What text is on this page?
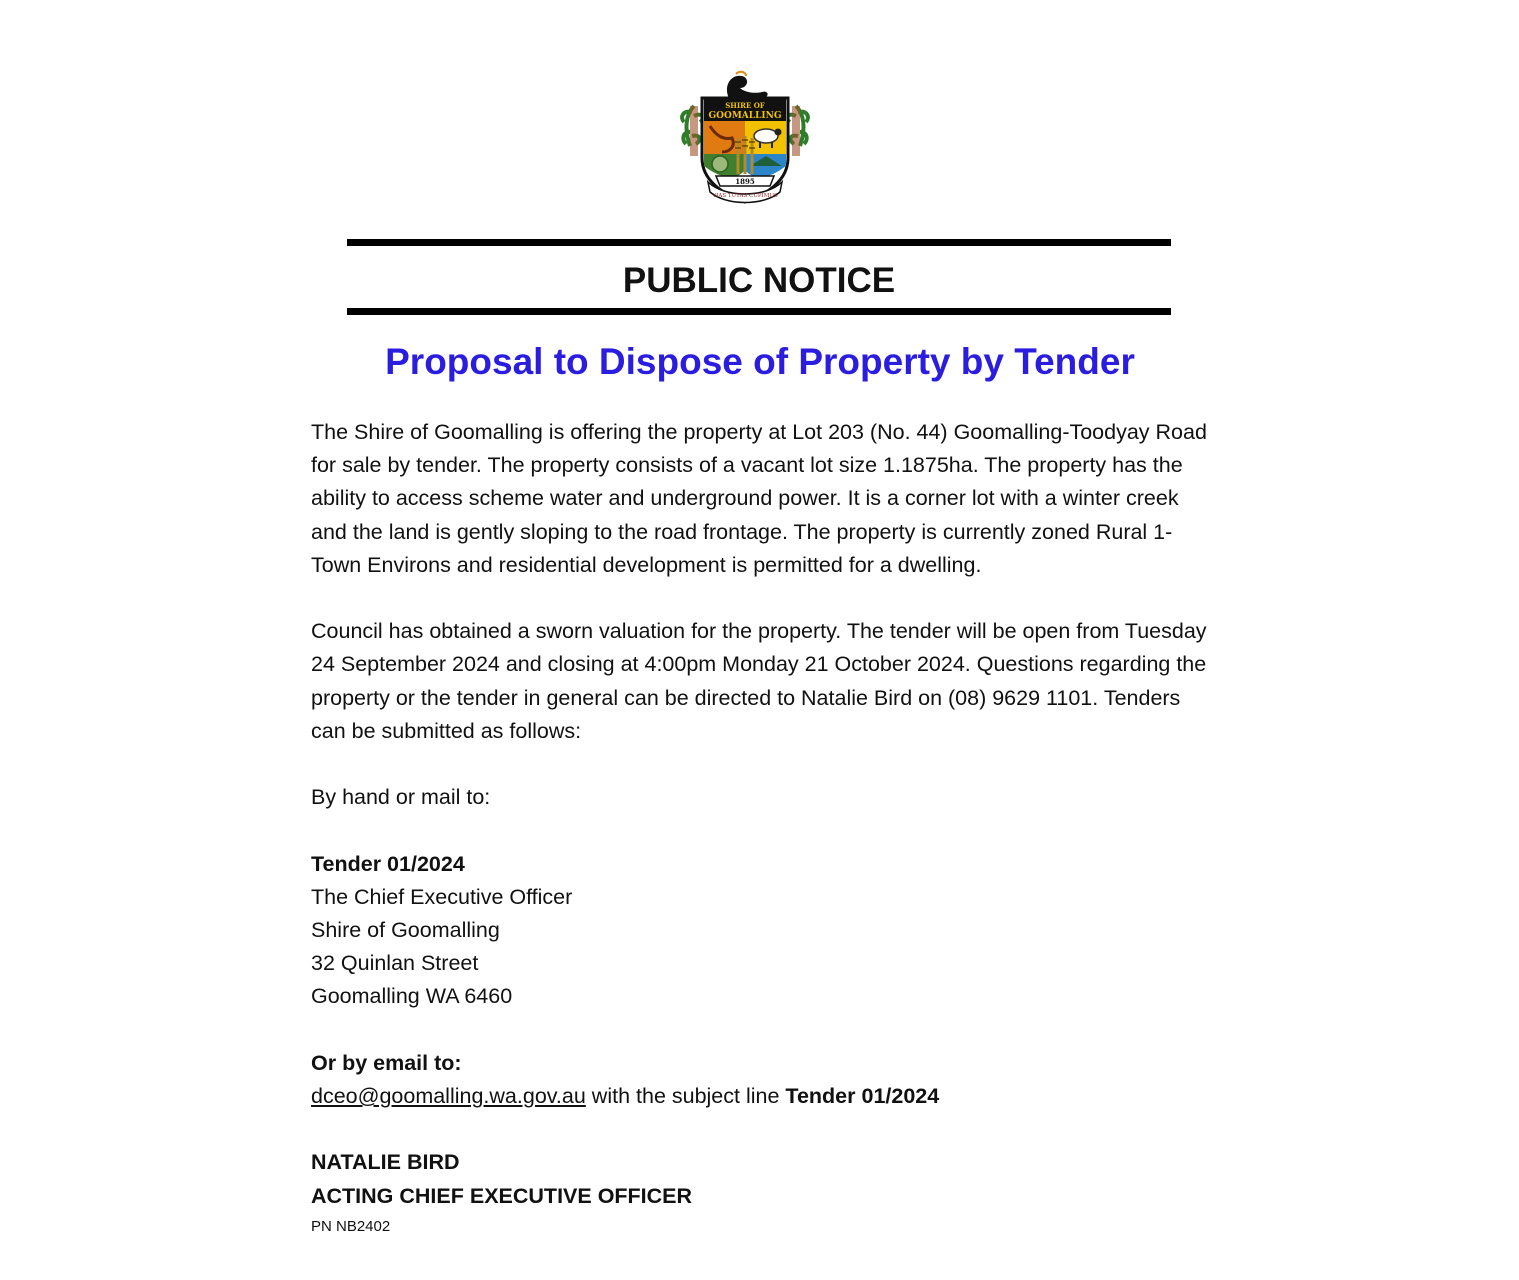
SHIRE OF
GOOMALLING
1895
VIAS TUTAS CUPIMUS
PUBLIC NOTICE
Proposal to Dispose of Property by Tender

The Shire of Goomalling is offering the property at Lot 203 (No. 44) Goomalling-Toodyay Road for sale by tender. The property consists of a vacant lot size 1.1875ha. The property has the ability to access scheme water and underground power. It is a corner lot with a winter creek and the land is gently sloping to the road frontage. The property is currently zoned Rural 1-Town Environs and residential development is permitted for a dwelling.

Council has obtained a sworn valuation for the property. The tender will be open from Tuesday 24 September 2024 and closing at 4:00pm Monday 21 October 2024. Questions regarding the property or the tender in general can be directed to Natalie Bird on (08) 9629 1101. Tenders can be submitted as follows:

By hand or mail to:

Tender 01/2024

The Chief Executive Officer

Shire of Goomalling

32 Quinlan Street

Goomalling WA 6460

Or by email to:

dceo@goomalling.wa.gov.au with the subject line Tender 01/2024

NATALIE BIRD

ACTING CHIEF EXECUTIVE OFFICER

PN NB2402
